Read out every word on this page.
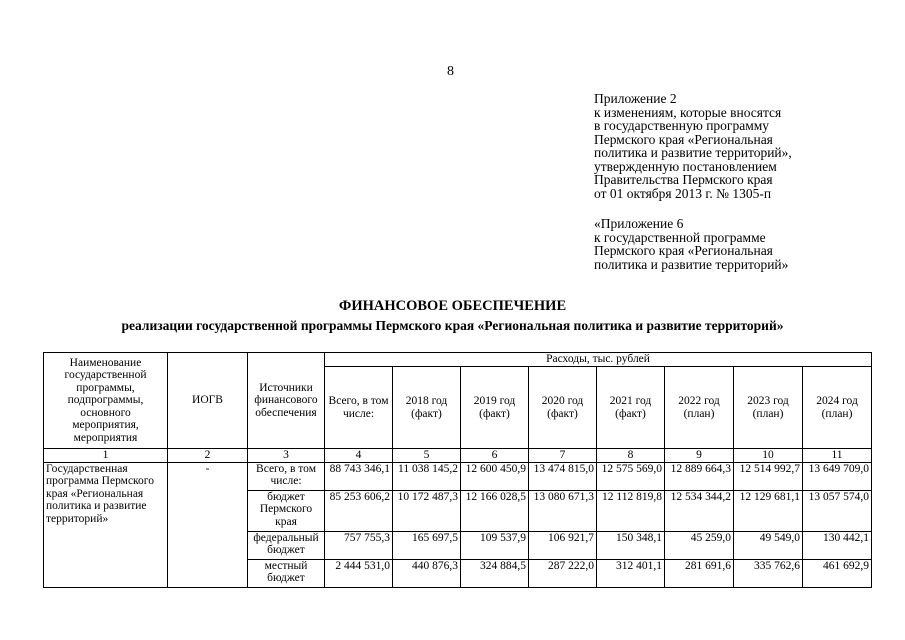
8
Приложение 2
к изменениям, которые вносятся
в государственную программу
Пермского края «Региональная
политика и развитие территорий»,
утвержденную постановлением
Правительства Пермского края
от 01 октября 2013 г. № 1305-п
«Приложение 6
к государственной программе
Пермского края «Региональная
политика и развитие территорий»
ФИНАНСОВОЕ ОБЕСПЕЧЕНИЕ
реализации государственной программы Пермского края «Региональная политика и развитие территорий»
Наименование государственной программы, подпрограммы, основного мероприятия, мероприятия	ИОГВ	Источники финансового обеспечения	Расходы, тыс. рублей							
			Всего, в том числе:	2018 год (факт)	2019 год (факт)	2020 год (факт)	2021 год (факт)	2022 год (план)	2023 год (план)	2024 год (план)
1	2	3	4	5	6	7	8	9	10	11
Государственная программа Пермского края «Региональная политика и развитие территорий»	-	Всего, в том числе:	88 743 346,1	11 038 145,2	12 600 450,9	13 474 815,0	12 575 569,0	12 889 664,3	12 514 992,7	13 649 709,0
		бюджет Пермского края	85 253 606,2	10 172 487,3	12 166 028,5	13 080 671,3	12 112 819,8	12 534 344,2	12 129 681,1	13 057 574,0
		федеральный бюджет	757 755,3	165 697,5	109 537,9	106 921,7	150 348,1	45 259,0	49 549,0	130 442,1
		местный бюджет	2 444 531,0	440 876,3	324 884,5	287 222,0	312 401,1	281 691,6	335 762,6	461 692,9
